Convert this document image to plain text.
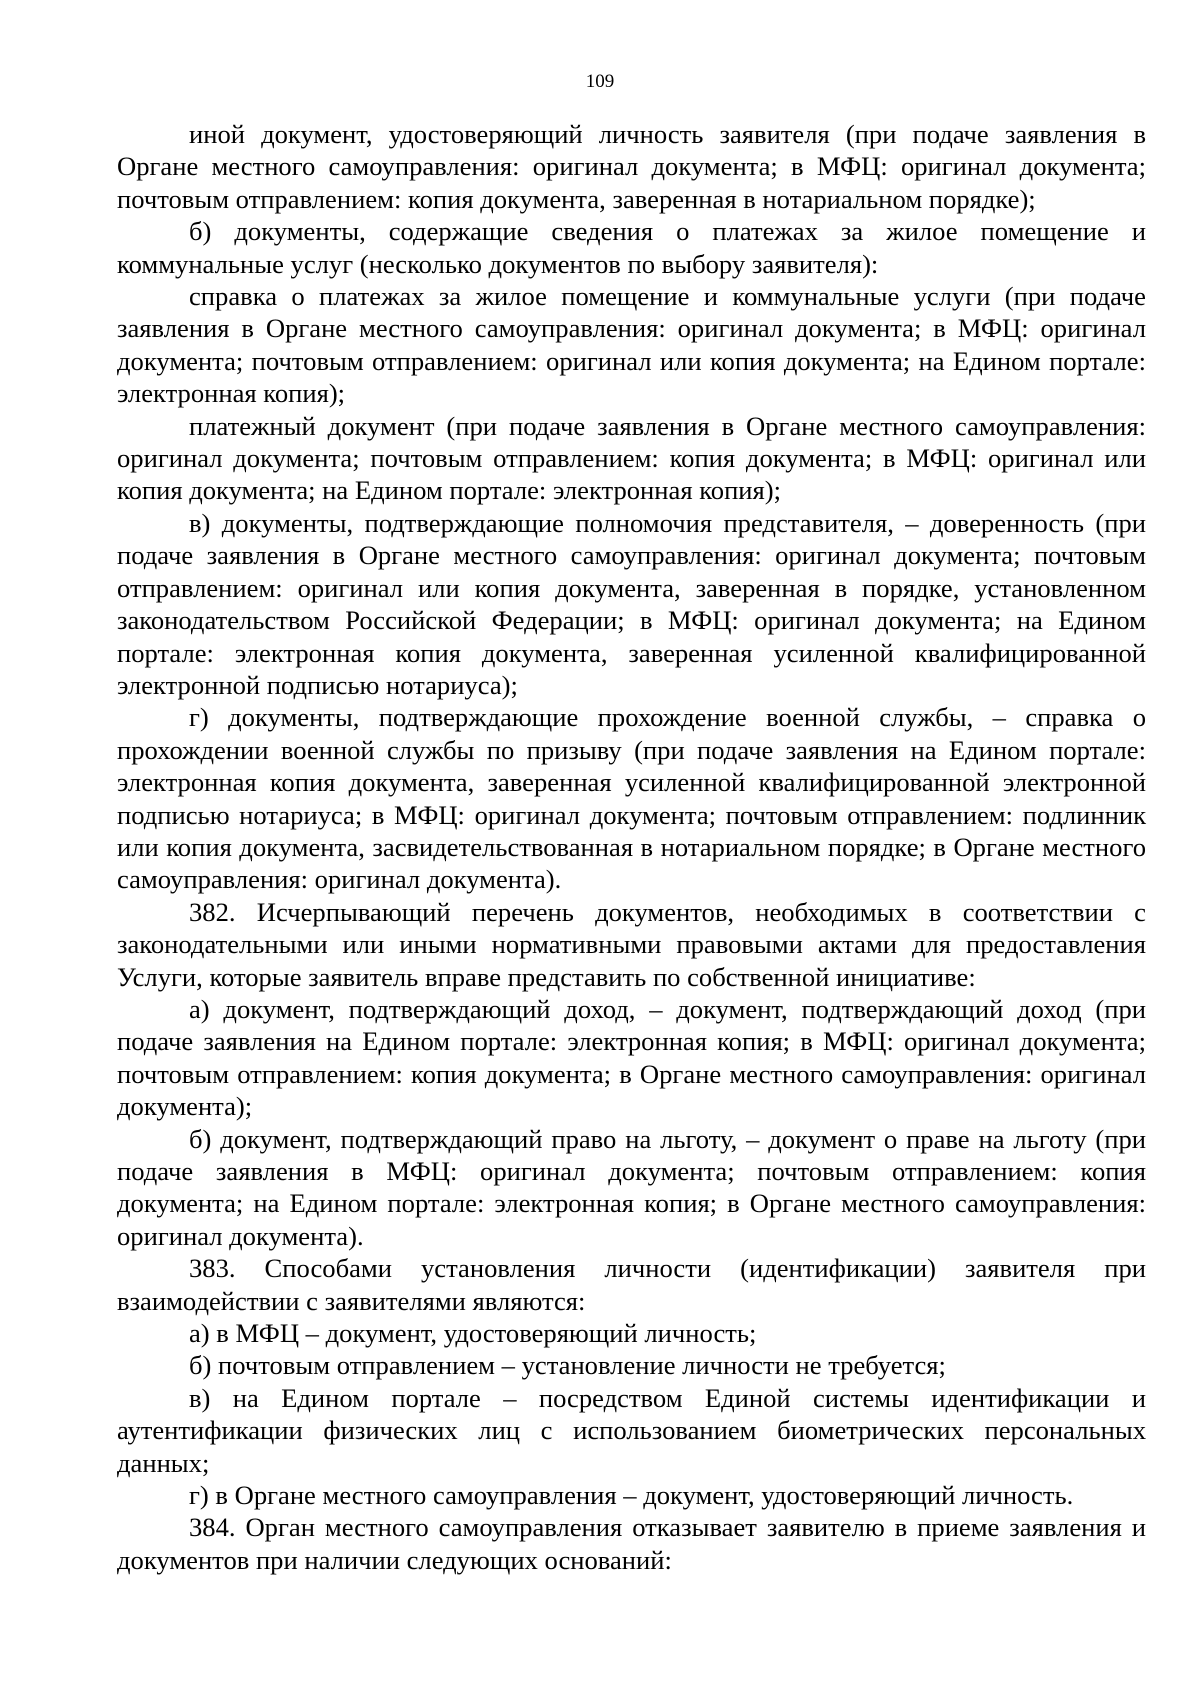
109

иной документ, удостоверяющий личность заявителя (при подаче заявления в Органе местного самоуправления: оригинал документа; в МФЦ: оригинал документа; почтовым отправлением: копия документа, заверенная в нотариальном порядке);

б) документы, содержащие сведения о платежах за жилое помещение и коммунальные услуг (несколько документов по выбору заявителя):

справка о платежах за жилое помещение и коммунальные услуги (при подаче заявления в Органе местного самоуправления: оригинал документа; в МФЦ: оригинал документа; почтовым отправлением: оригинал или копия документа; на Едином портале: электронная копия);

платежный документ (при подаче заявления в Органе местного самоуправления: оригинал документа; почтовым отправлением: копия документа; в МФЦ: оригинал или копия документа; на Едином портале: электронная копия);

в) документы, подтверждающие полномочия представителя, – доверенность (при подаче заявления в Органе местного самоуправления: оригинал документа; почтовым отправлением: оригинал или копия документа, заверенная в порядке, установленном законодательством Российской Федерации; в МФЦ: оригинал документа; на Едином портале: электронная копия документа, заверенная усиленной квалифицированной электронной подписью нотариуса);

г) документы, подтверждающие прохождение военной службы, – справка о прохождении военной службы по призыву (при подаче заявления на Едином портале: электронная копия документа, заверенная усиленной квалифицированной электронной подписью нотариуса; в МФЦ: оригинал документа; почтовым отправлением: подлинник или копия документа, засвидетельствованная в нотариальном порядке; в Органе местного самоуправления: оригинал документа).

382. Исчерпывающий перечень документов, необходимых в соответствии с законодательными или иными нормативными правовыми актами для предоставления Услуги, которые заявитель вправе представить по собственной инициативе:

а) документ, подтверждающий доход, – документ, подтверждающий доход (при подаче заявления на Едином портале: электронная копия; в МФЦ: оригинал документа; почтовым отправлением: копия документа; в Органе местного самоуправления: оригинал документа);

б) документ, подтверждающий право на льготу, – документ о праве на льготу (при подаче заявления в МФЦ: оригинал документа; почтовым отправлением: копия документа; на Едином портале: электронная копия; в Органе местного самоуправления: оригинал документа).

383. Способами установления личности (идентификации) заявителя при взаимодействии с заявителями являются:

а) в МФЦ – документ, удостоверяющий личность;

б) почтовым отправлением – установление личности не требуется;

в) на Едином портале – посредством Единой системы идентификации и аутентификации физических лиц с использованием биометрических персональных данных;

г) в Органе местного самоуправления – документ, удостоверяющий личность.

384. Орган местного самоуправления отказывает заявителю в приеме заявления и документов при наличии следующих оснований:
